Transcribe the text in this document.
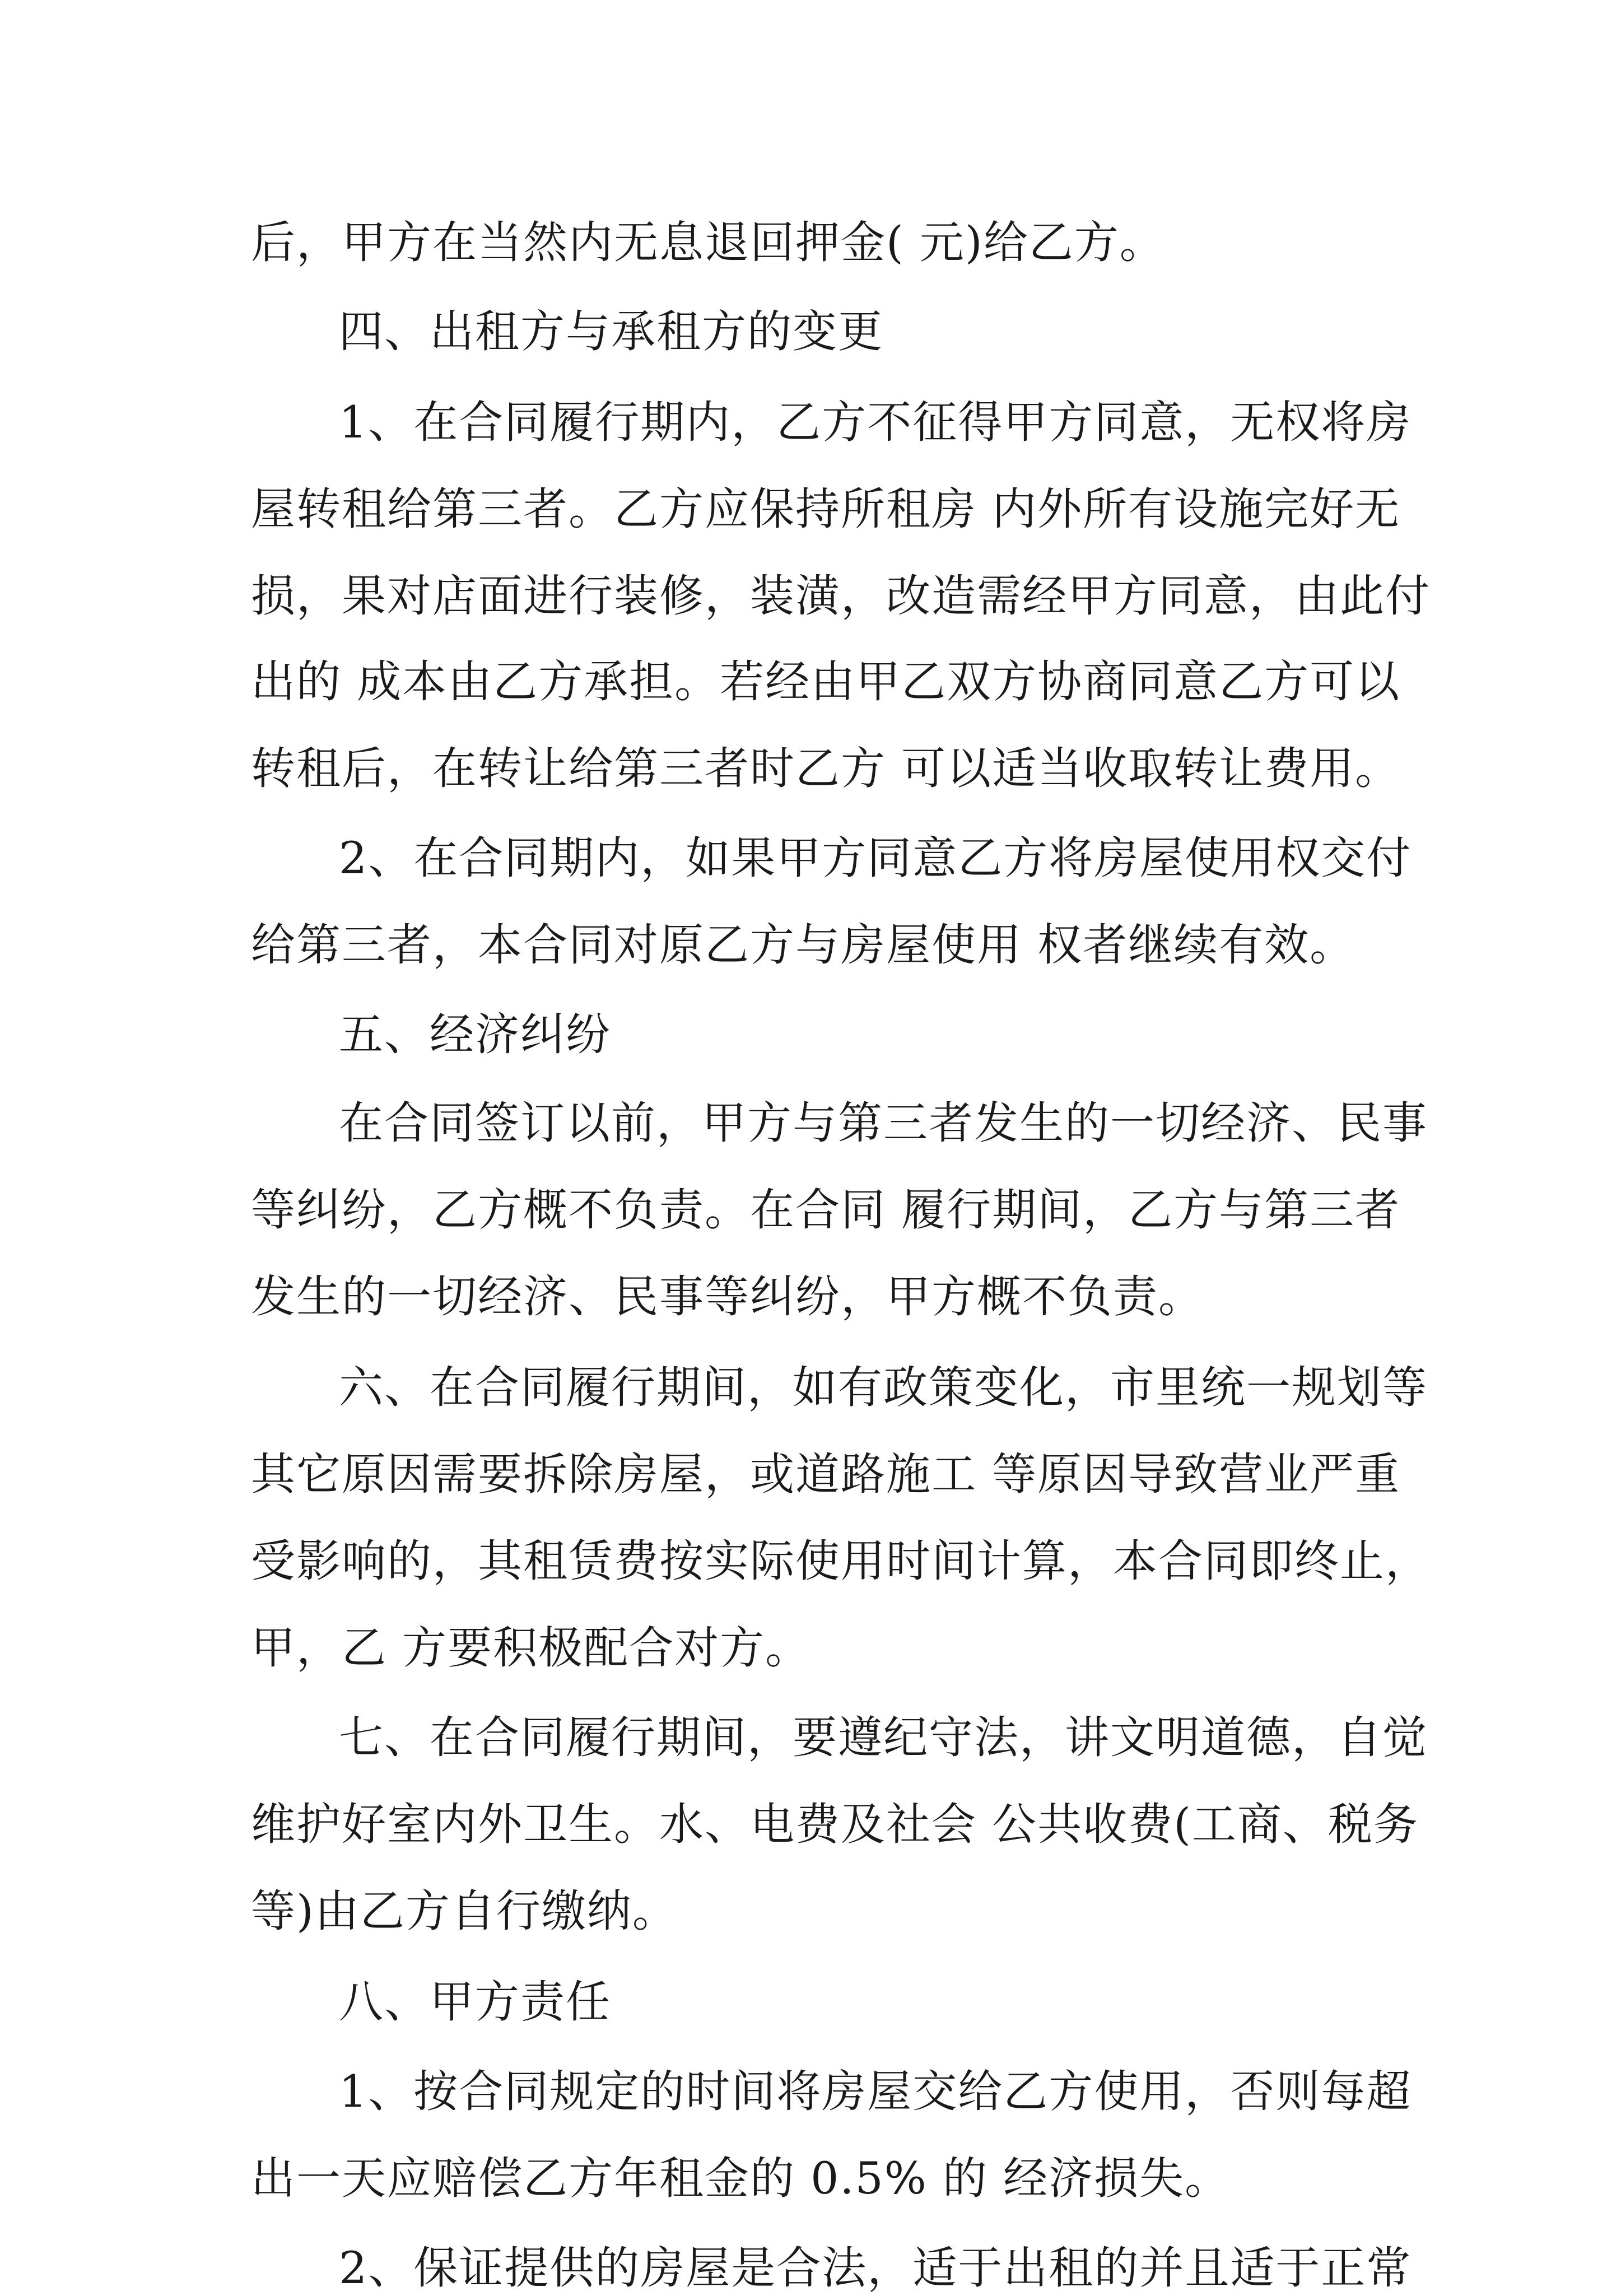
后，甲方在当然内无息退回押金( 元)给乙方。

四、出租方与承租方的变更

1、在合同履行期内，乙方不征得甲方同意，无权将房

屋转租给第三者。乙方应保持所租房 内外所有设施完好无

损，果对店面进行装修，装潢，改造需经甲方同意，由此付

出的 成本由乙方承担。若经由甲乙双方协商同意乙方可以

转租后，在转让给第三者时乙方 可以适当收取转让费用。

2、在合同期内，如果甲方同意乙方将房屋使用权交付

给第三者，本合同对原乙方与房屋使用 权者继续有效。

五、经济纠纷

在合同签订以前，甲方与第三者发生的一切经济、民事

等纠纷，乙方概不负责。在合同 履行期间，乙方与第三者

发生的一切经济、民事等纠纷，甲方概不负责。

六、在合同履行期间，如有政策变化，市里统一规划等

其它原因需要拆除房屋，或道路施工 等原因导致营业严重

受影响的，其租赁费按实际使用时间计算，本合同即终止，

甲，乙 方要积极配合对方。

七、在合同履行期间，要遵纪守法，讲文明道德，自觉

维护好室内外卫生。水、电费及社会 公共收费(工商、税务

等)由乙方自行缴纳。

八、甲方责任

1、按合同规定的时间将房屋交给乙方使用，否则每超

出一天应赔偿乙方年租金的 0.5% 的 经济损失。

2、保证提供的房屋是合法，适于出租的并且适于正常
